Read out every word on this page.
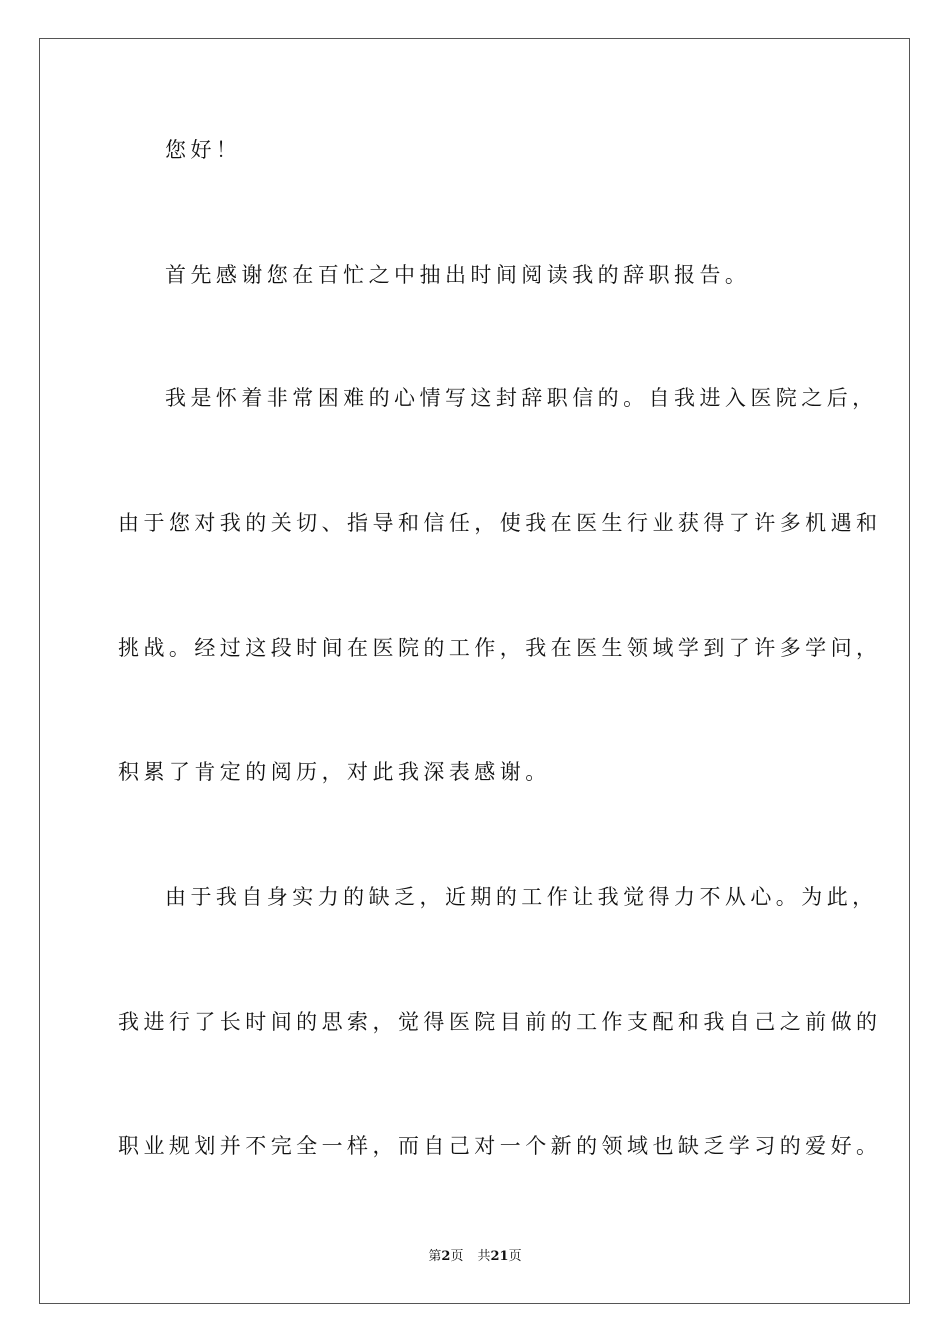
您好！
首先感谢您在百忙之中抽出时间阅读我的辞职报告。
我是怀着非常困难的心情写这封辞职信的。自我进入医院之后，
由于您对我的关切、指导和信任，使我在医生行业获得了许多机遇和
挑战。经过这段时间在医院的工作，我在医生领域学到了许多学问，
积累了肯定的阅历，对此我深表感谢。
由于我自身实力的缺乏，近期的工作让我觉得力不从心。为此，
我进行了长时间的思索，觉得医院目前的工作支配和我自己之前做的
职业规划并不完全一样，而自己对一个新的领域也缺乏学习的爱好。
第2页 共21页
